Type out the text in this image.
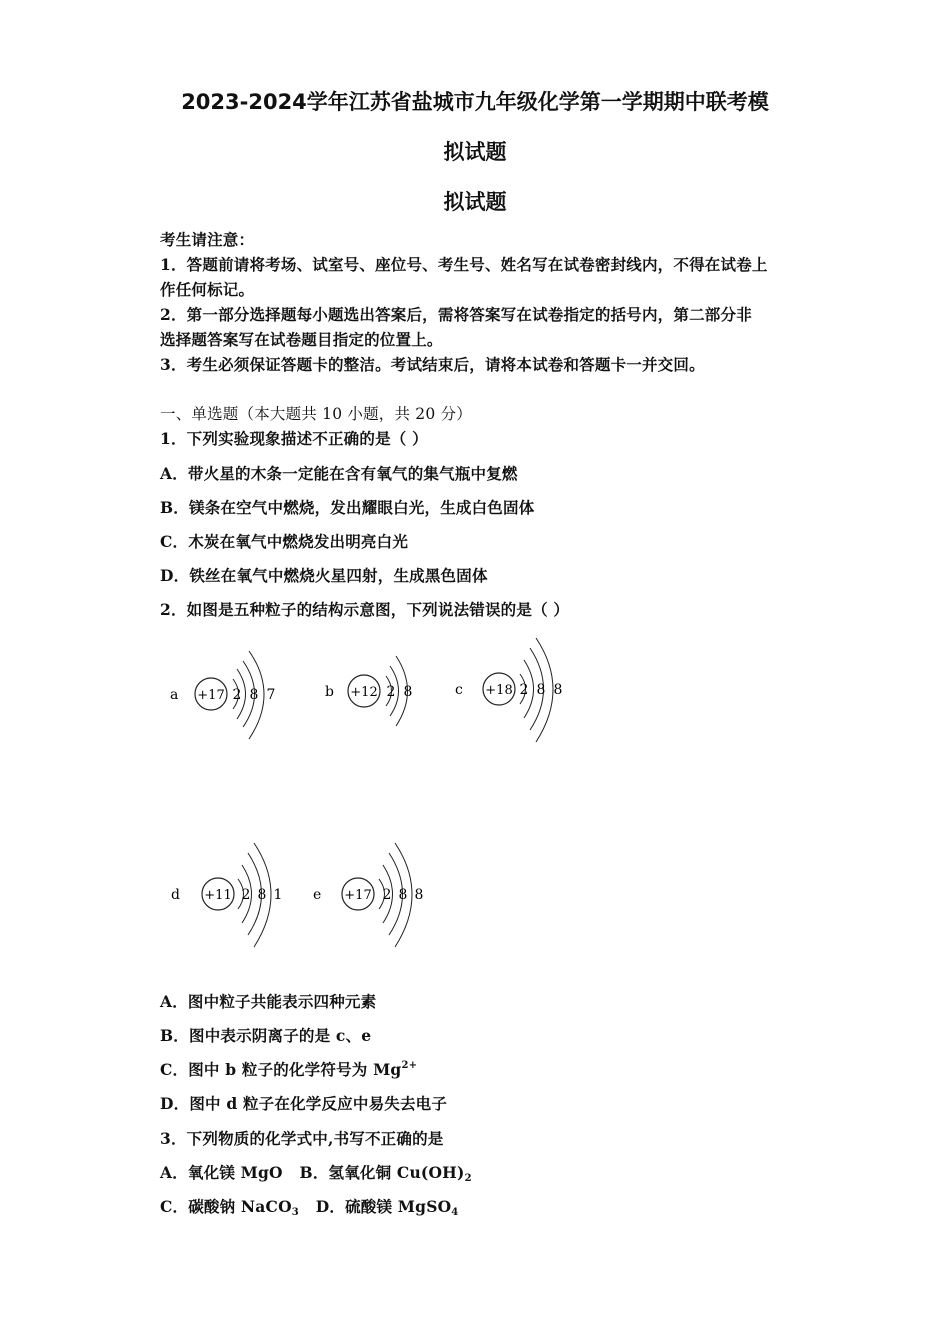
2023-2024学年江苏省盐城市九年级化学第一学期期中联考模
拟试题
拟试题
考生请注意：
1．答题前请将考场、试室号、座位号、考生号、姓名写在试卷密封线内，不得在试卷上
作任何标记。
2．第一部分选择题每小题选出答案后，需将答案写在试卷指定的括号内，第二部分非
选择题答案写在试卷题目指定的位置上。
3．考生必须保证答题卡的整洁。考试结束后，请将本试卷和答题卡一并交回。
一、单选题（本大题共 10 小题，共 20 分）
1．下列实验现象描述不正确的是（ ）
A．带火星的木条一定能在含有氧气的集气瓶中复燃
B．镁条在空气中燃烧，发出耀眼白光，生成白色固体
C．木炭在氧气中燃烧发出明亮白光
D．铁丝在氧气中燃烧火星四射，生成黑色固体
2．如图是五种粒子的结构示意图，下列说法错误的是（ ）
a +17 2 8 7	b +12 2 8	c +18 2 8 8
d +11 2 8 1 e +17 2 8 8
A．图中粒子共能表示四种元素
B．图中表示阴离子的是 c、e
C．图中 b 粒子的化学符号为 $Mg^{2+}$
D．图中 d 粒子在化学反应中易失去电子
3．下列物质的化学式中,书写不正确的是
A．氧化镁 MgO B．氢氧化铜 $Cu(OH)_2$
C．碳酸钠 NaCO$_3$ D．硫酸镁 MgSO$_4$
